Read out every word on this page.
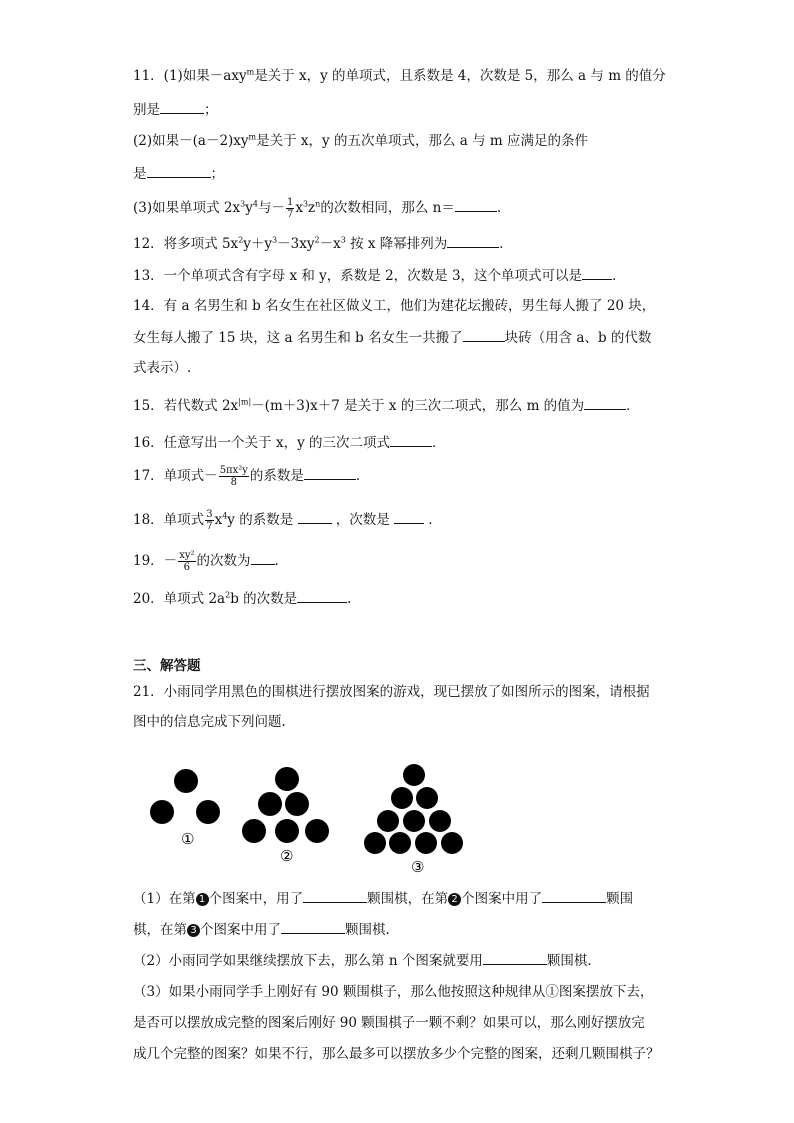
11．(1)如果－axy$^m$是关于 x，y 的单项式，且系数是 4，次数是 5，那么 a 与 m 的值分
别是	；
(2)如果$-(a-2)xy^m$是关于 x，y 的五次单项式，那么 a 与 m 应满足的条件
是	；
(3)如果单项式 $2x^3y^4$与－ $\frac{1}{7} x^3z^n$的次数相同，那么 n＝	.
12．将多项式 $5x^2y+y^3-3xy^2-x^3$ 按 x 降幂排列为	．
13．一个单项式含有字母 x 和 y，系数是 2，次数是 3，这个单项式可以是 ．
14．有 a 名男生和 b 名女生在社区做义工，他们为建花坛搬砖，男生每人搬了 20 块，
女生每人搬了 15 块，这 a 名男生和 b 名女生一共搬了	块砖（用含 a、b 的代数
式表示）.
15．若代数式 $2x^{|m|}-(m+3)x+7$ 是关于 x 的三次二项式，那么 m 的值为	．
16．任意写出一个关于 x，y 的三次二项式	．
17．单项式－ $\frac{\text{5πx²y}}{8}$ 的系数是	．
18．单项式 $\frac{3}{7} x^4y$ 的系数是	，次数是	．
19．－ $\frac{\text{xy²}}{6}$ 的次数为 .
20．单项式 $2a^2b$ 的次数是	.
三、解答题
21．小雨同学用黑色的围棋进行摆放图案的游戏，现已摆放了如图所示的图案，请根据
图中的信息完成下列问题.
①
②
③
（1）在第 1 个图案中，用了	颗围棋，在第 2 个图案中用了	颗围
棋，在第 3 个图案中用了	颗围棋.
（2）小雨同学如果继续摆放下去，那么第 n 个图案就要用	颗围棋.
（3）如果小雨同学手上刚好有 90 颗围棋子，那么他按照这种规律从①图案摆放下去，
是否可以摆放成完整的图案后刚好 90 颗围棋子一颗不剩？如果可以，那么刚好摆放完
成几个完整的图案？如果不行，那么最多可以摆放多少个完整的图案，还剩几颗围棋子？
